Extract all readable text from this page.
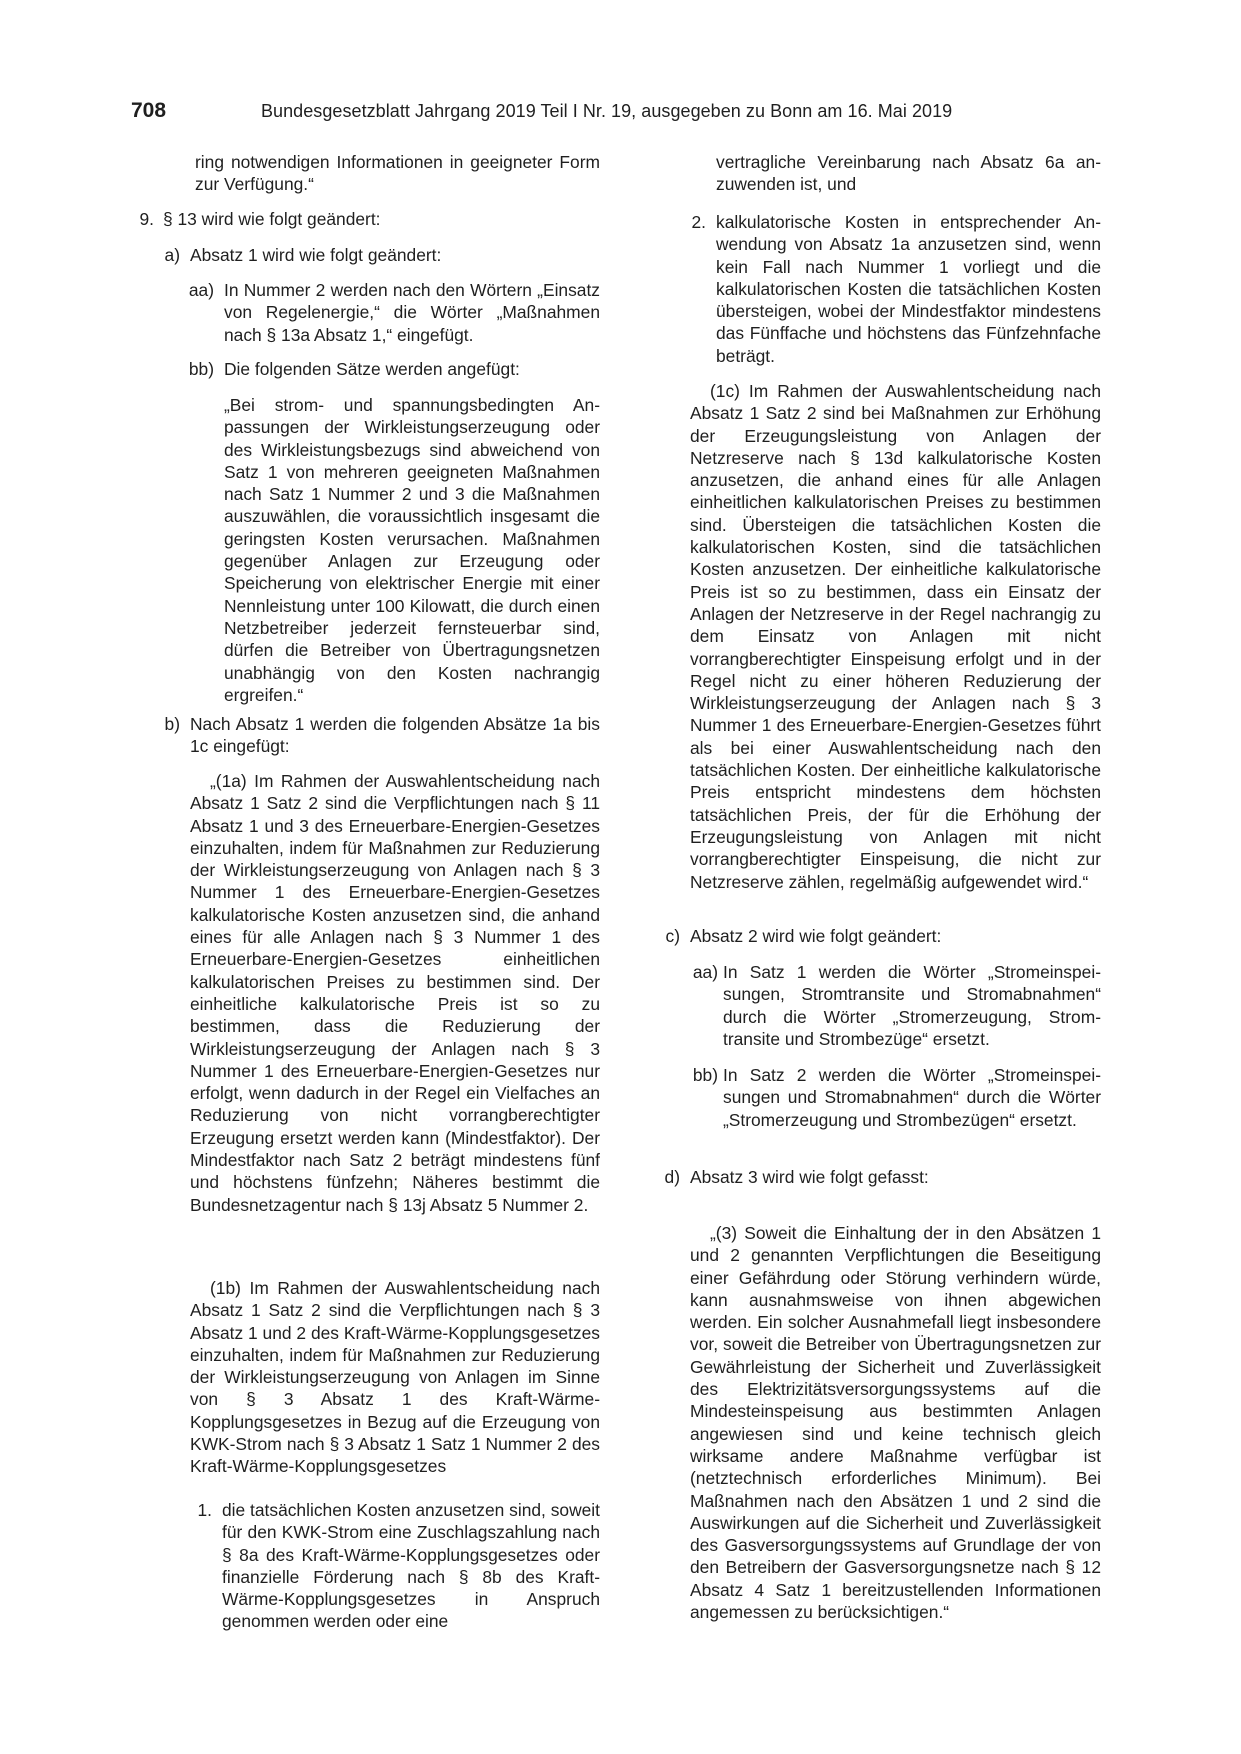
708	Bundesgesetzblatt Jahrgang 2019 Teil I Nr. 19, ausgegeben zu Bonn am 16. Mai 2019

ring notwendigen Informationen in geeigneter Form zur Verfügung.“

9. § 13 wird wie folgt geändert:

a) Absatz 1 wird wie folgt geändert:

aa) In Nummer 2 werden nach den Wörtern „Einsatz von Regelenergie,“ die Wörter „Maßnahmen nach § 13a Absatz 1,“ eingefügt.

bb) Die folgenden Sätze werden angefügt:

„Bei strom- und spannungsbedingten Anpassungen der Wirkleistungserzeugung oder des Wirkleistungsbezugs sind abweichend von Satz 1 von mehreren geeigneten Maßnahmen nach Satz 1 Nummer 2 und 3 die Maßnahmen auszuwählen, die voraussichtlich insgesamt die geringsten Kosten verursachen. Maßnahmen gegenüber Anlagen zur Erzeugung oder Speicherung von elektrischer Energie mit einer Nennleistung unter 100 Kilowatt, die durch einen Netzbetreiber jederzeit fernsteuerbar sind, dürfen die Betreiber von Übertragungsnetzen unabhängig von den Kosten nachrangig ergreifen.“

b) Nach Absatz 1 werden die folgenden Absätze 1a bis 1c eingefügt:

„(1a) Im Rahmen der Auswahlentscheidung nach Absatz 1 Satz 2 sind die Verpflichtungen nach § 11 Absatz 1 und 3 des Erneuerbare-Energien-Gesetzes einzuhalten, indem für Maßnahmen zur Reduzierung der Wirkleistungserzeugung von Anlagen nach § 3 Nummer 1 des Erneuerbare-Energien-Gesetzes kalkulatorische Kosten anzusetzen sind, die anhand eines für alle Anlagen nach § 3 Nummer 1 des Erneuerbare-Energien-Gesetzes einheitlichen kalkulatorischen Preises zu bestimmen sind. Der einheitliche kalkulatorische Preis ist so zu bestimmen, dass die Reduzierung der Wirkleistungserzeugung der Anlagen nach § 3 Nummer 1 des Erneuerbare-Energien-Gesetzes nur erfolgt, wenn dadurch in der Regel ein Vielfaches an Reduzierung von nicht vorrangberechtigter Erzeugung ersetzt werden kann (Mindestfaktor). Der Mindestfaktor nach Satz 2 beträgt mindestens fünf und höchstens fünfzehn; Näheres bestimmt die Bundesnetzagentur nach § 13j Absatz 5 Nummer 2.

(1b) Im Rahmen der Auswahlentscheidung nach Absatz 1 Satz 2 sind die Verpflichtungen nach § 3 Absatz 1 und 2 des Kraft-Wärme-Kopplungsgesetzes einzuhalten, indem für Maßnahmen zur Reduzierung der Wirkleistungserzeugung von Anlagen im Sinne von § 3 Absatz 1 des Kraft-Wärme-Kopplungsgesetzes in Bezug auf die Erzeugung von KWK-Strom nach § 3 Absatz 1 Satz 1 Nummer 2 des Kraft-Wärme-Kopplungsgesetzes

1. die tatsächlichen Kosten anzusetzen sind, soweit für den KWK-Strom eine Zuschlagszahlung nach § 8a des Kraft-Wärme-Kopplungsgesetzes oder finanzielle Förderung nach § 8b des Kraft-Wärme-Kopplungsgesetzes in Anspruch genommen werden oder eine

vertragliche Vereinbarung nach Absatz 6a anzuwenden ist, und

2. kalkulatorische Kosten in entsprechender Anwendung von Absatz 1a anzusetzen sind, wenn kein Fall nach Nummer 1 vorliegt und die kalkulatorischen Kosten die tatsächlichen Kosten übersteigen, wobei der Mindestfaktor mindestens das Fünffache und höchstens das Fünfzehnfache beträgt.

(1c) Im Rahmen der Auswahlentscheidung nach Absatz 1 Satz 2 sind bei Maßnahmen zur Erhöhung der Erzeugungsleistung von Anlagen der Netzreserve nach § 13d kalkulatorische Kosten anzusetzen, die anhand eines für alle Anlagen einheitlichen kalkulatorischen Preises zu bestimmen sind. Übersteigen die tatsächlichen Kosten die kalkulatorischen Kosten, sind die tatsächlichen Kosten anzusetzen. Der einheitliche kalkulatorische Preis ist so zu bestimmen, dass ein Einsatz der Anlagen der Netzreserve in der Regel nachrangig zu dem Einsatz von Anlagen mit nicht vorrangberechtigter Einspeisung erfolgt und in der Regel nicht zu einer höheren Reduzierung der Wirkleistungserzeugung der Anlagen nach § 3 Nummer 1 des Erneuerbare-Energien-Gesetzes führt als bei einer Auswahlentscheidung nach den tatsächlichen Kosten. Der einheitliche kalkulatorische Preis entspricht mindestens dem höchsten tatsächlichen Preis, der für die Erhöhung der Erzeugungsleistung von Anlagen mit nicht vorrangberechtigter Einspeisung, die nicht zur Netzreserve zählen, regelmäßig aufgewendet wird.“

c) Absatz 2 wird wie folgt geändert:

aa) In Satz 1 werden die Wörter „Stromeinspeisungen, Stromtransite und Stromabnahmen“ durch die Wörter „Stromerzeugung, Stromtransite und Strombezüge“ ersetzt.

bb) In Satz 2 werden die Wörter „Stromeinspeisungen und Stromabnahmen“ durch die Wörter „Stromerzeugung und Strombezügen“ ersetzt.

d) Absatz 3 wird wie folgt gefasst:

„(3) Soweit die Einhaltung der in den Absätzen 1 und 2 genannten Verpflichtungen die Beseitigung einer Gefährdung oder Störung verhindern würde, kann ausnahmsweise von ihnen abgewichen werden. Ein solcher Ausnahmefall liegt insbesondere vor, soweit die Betreiber von Übertragungsnetzen zur Gewährleistung der Sicherheit und Zuverlässigkeit des Elektrizitätsversorgungssystems auf die Mindesteinspeisung aus bestimmten Anlagen angewiesen sind und keine technisch gleich wirksame andere Maßnahme verfügbar ist (netztechnisch erforderliches Minimum). Bei Maßnahmen nach den Absätzen 1 und 2 sind die Auswirkungen auf die Sicherheit und Zuverlässigkeit des Gasversorgungssystems auf Grundlage der von den Betreibern der Gasversorgungsnetze nach § 12 Absatz 4 Satz 1 bereitzustellenden Informationen angemessen zu berücksichtigen.“
